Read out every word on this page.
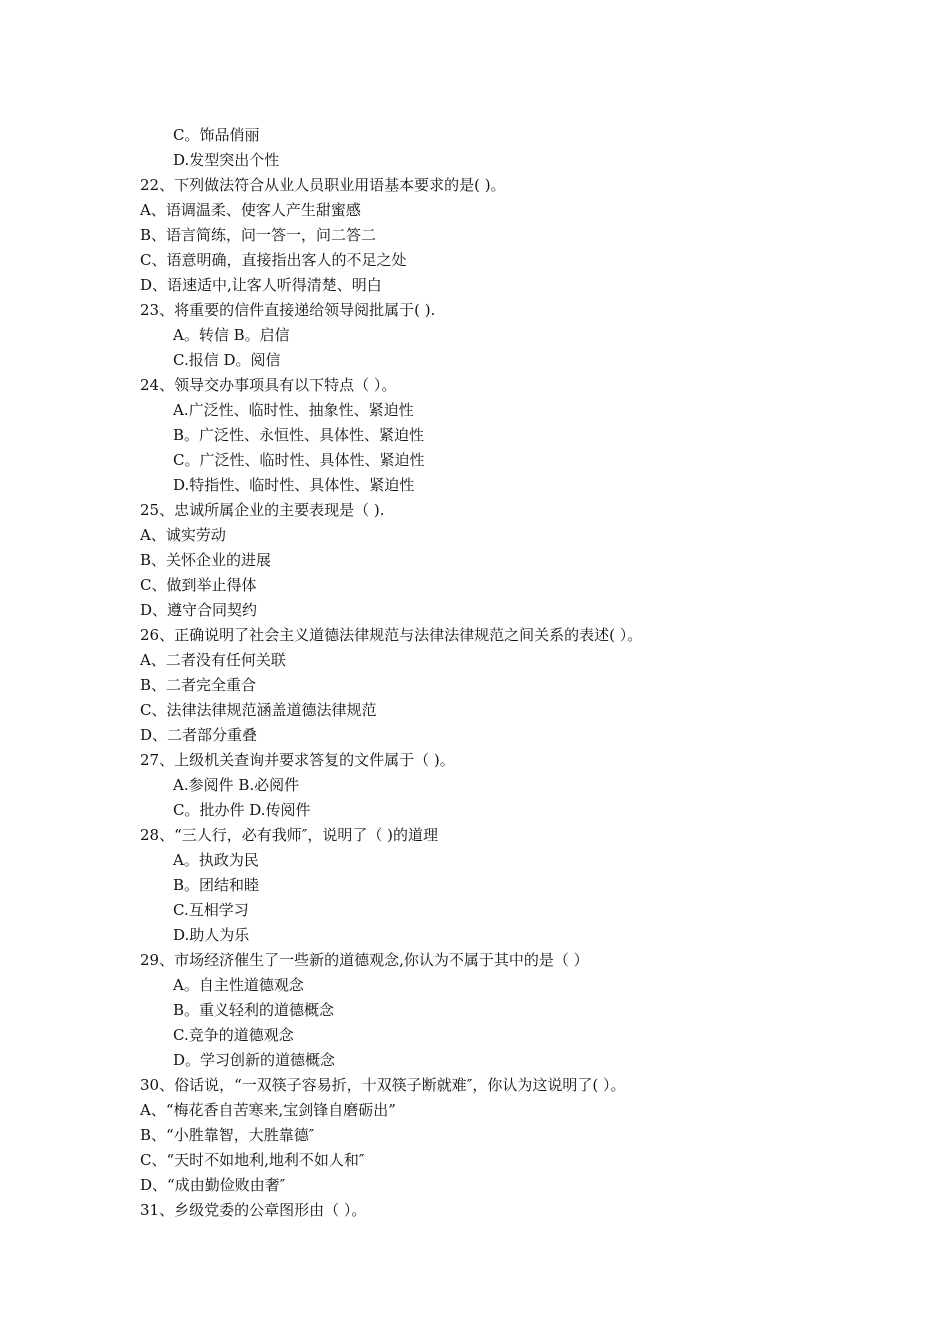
C。饰品俏丽
D.发型突出个性
22、下列做法符合从业人员职业用语基本要求的是( )。
A、语调温柔、使客人产生甜蜜感
B、语言简练，问一答一，问二答二
C、语意明确，直接指出客人的不足之处
D、语速适中,让客人听得清楚、明白
23、将重要的信件直接递给领导阅批属于( ).
A。转信 B。启信
C.报信 D。阅信
24、领导交办事项具有以下特点（ ）。
A.广泛性、临时性、抽象性、紧迫性
B。广泛性、永恒性、具体性、紧迫性
C。广泛性、临时性、具体性、紧迫性
D.特指性、临时性、具体性、紧迫性
25、忠诚所属企业的主要表现是（ ).
A、诚实劳动
B、关怀企业的进展
C、做到举止得体
D、遵守合同契约
26、正确说明了社会主义道德法律规范与法律法律规范之间关系的表述( ）。
A、二者没有任何关联
B、二者完全重合
C、法律法律规范涵盖道德法律规范
D、二者部分重叠
27、上级机关查询并要求答复的文件属于（ )。
A.参阅件 B.必阅件
C。批办件 D.传阅件
28、“三人行，必有我师″，说明了（ )的道理
A。执政为民
B。团结和睦
C.互相学习
D.助人为乐
29、市场经济催生了一些新的道德观念,你认为不属于其中的是（ ）
A。自主性道德观念
B。重义轻利的道德概念
C.竞争的道德观念
D。学习创新的道德概念
30、俗话说，“一双筷子容易折，十双筷子断就难″，你认为这说明了( ）。
A、“梅花香自苦寒来,宝剑锋自磨砺出”
B、“小胜靠智，大胜靠德″
C、“天时不如地利,地利不如人和″
D、“成由勤俭败由奢″
31、乡级党委的公章图形由（ ）。
